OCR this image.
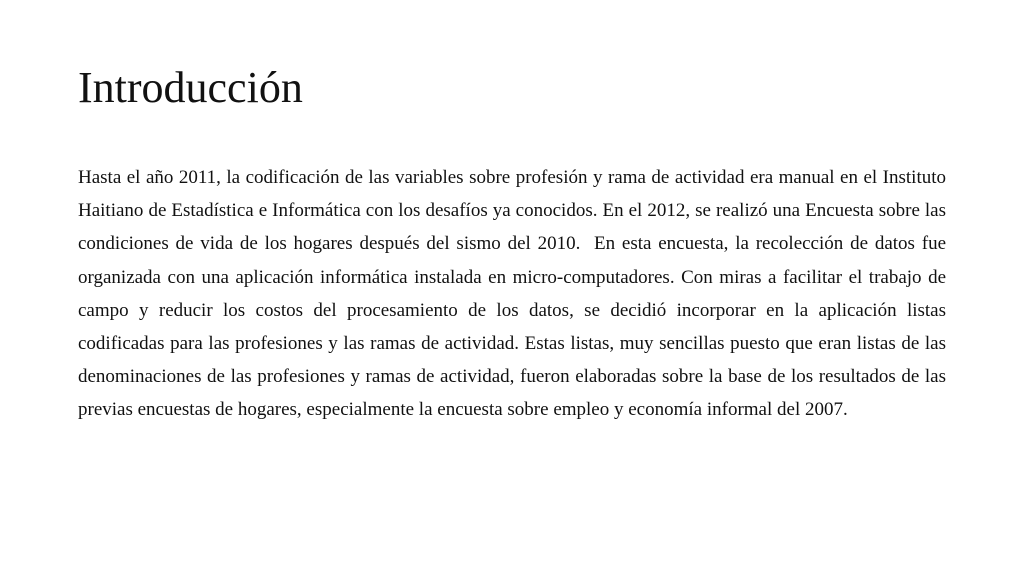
Introducción

Hasta el año 2011, la codificación de las variables sobre profesión y rama de actividad era manual en el Instituto Haitiano de Estadística e Informática con los desafíos ya conocidos. En el 2012, se realizó una Encuesta sobre las condiciones de vida de los hogares después del sismo del 2010.  En esta encuesta, la recolección de datos fue organizada con una aplicación informática instalada en micro-computadores. Con miras a facilitar el trabajo de campo y reducir los costos del procesamiento de los datos, se decidió incorporar en la aplicación listas codificadas para las profesiones y las ramas de actividad. Estas listas, muy sencillas puesto que eran listas de las denominaciones de las profesiones y ramas de actividad, fueron elaboradas sobre la base de los resultados de las previas encuestas de hogares, especialmente la encuesta sobre empleo y economía informal del 2007.
